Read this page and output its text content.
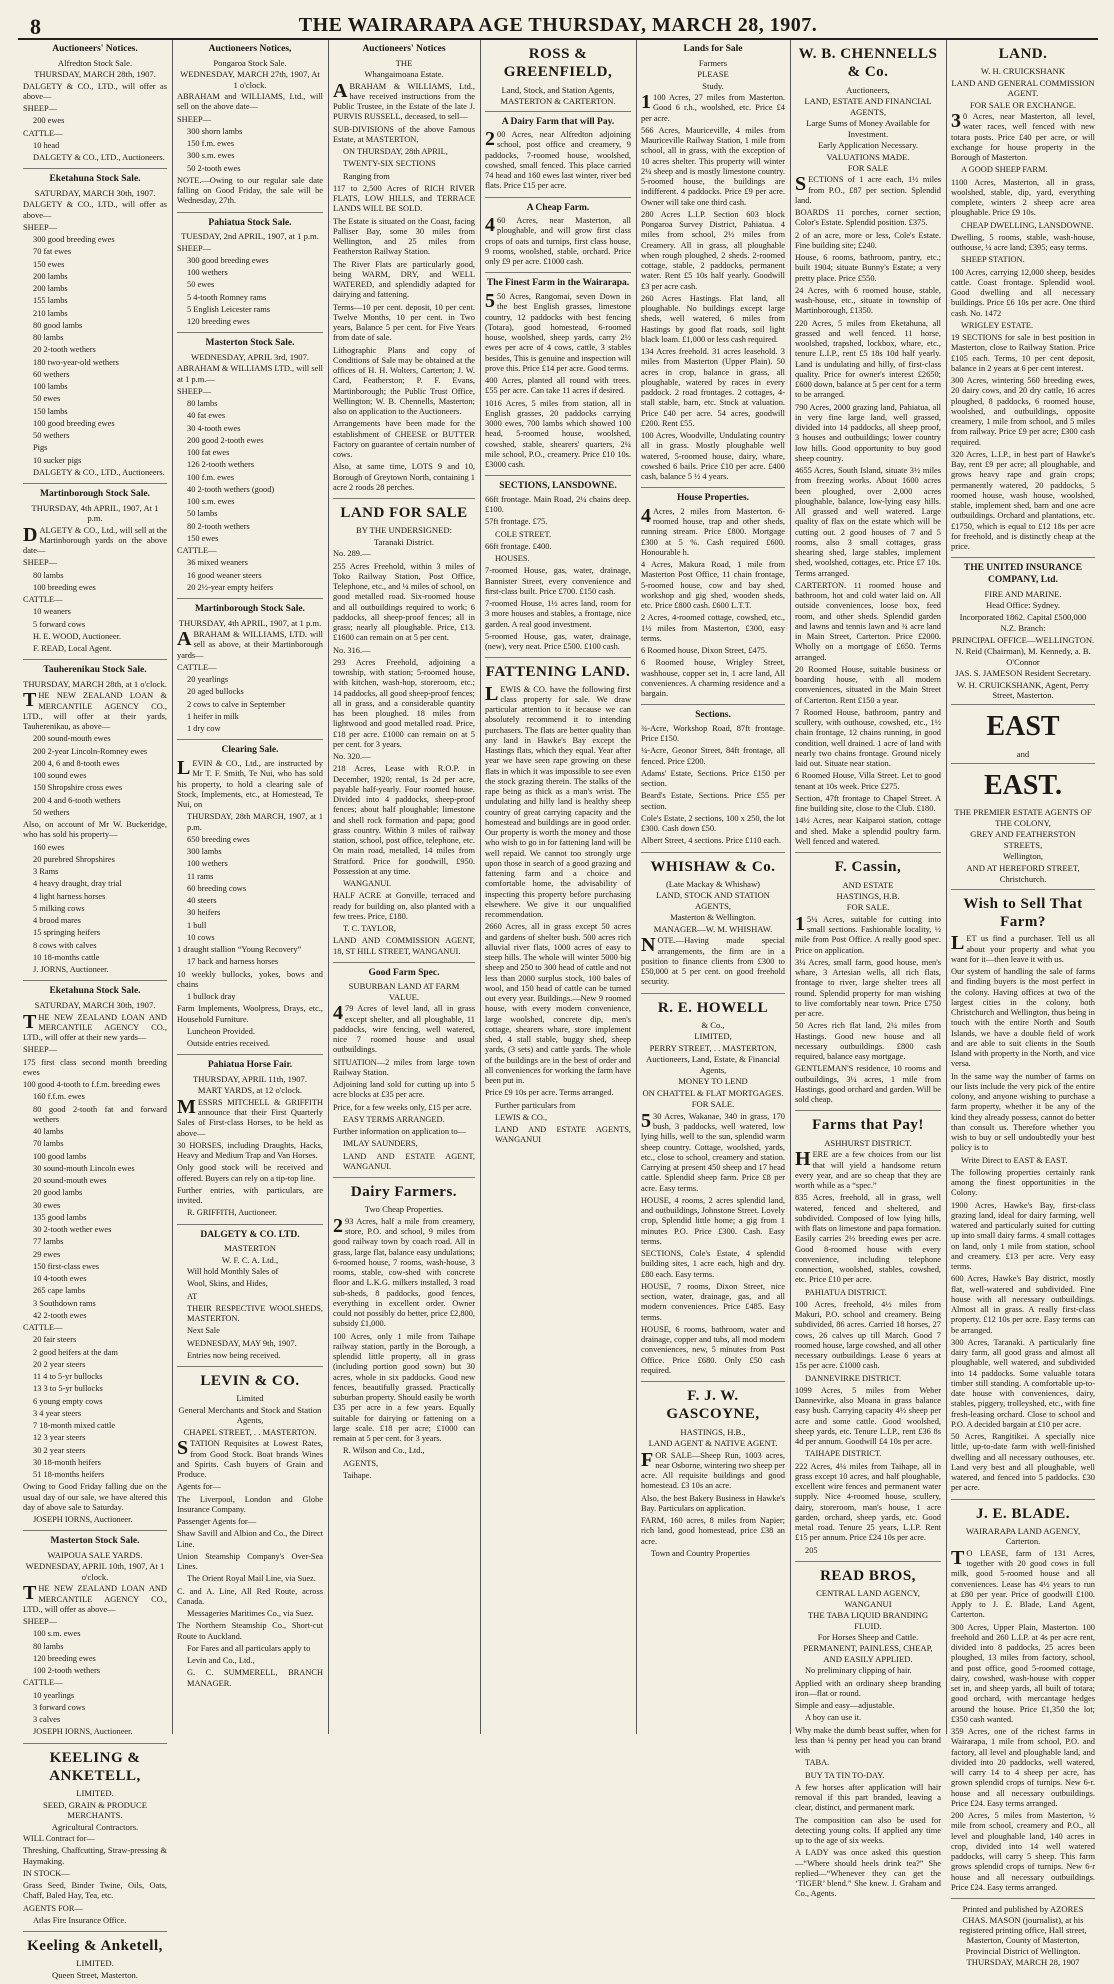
8	THE WAIRARAPA AGE THURSDAY, MARCH 28, 1907.
Auctioneers' Notices.
Alfredton Stock Sale.
THURSDAY, MARCH 28th, 1907.
DALGETY & CO., LTD., will offer as above—
SHEEP—
200 ewes
CATTLE—
10 head
DALGETY & CO., LTD., Auctioneers.
Eketahuna Stock Sale.
SATURDAY, MARCH 30th, 1907.
DALGETY & CO., LTD., will offer as above—
SHEEP—
300 good breeding ewes
70 fat ewes
150 ewes
200 lambs
200 lambs
155 lambs
210 lambs
80 good lambs
80 lambs
20 2-tooth wethers
180 two-year-old wethers
60 wethers
100 lambs
50 ewes
150 lambs
100 good breeding ewes
50 wethers
Pigs
10 sucker pigs
DALGETY & CO., LTD., Auctioneers.
Martinborough Stock Sale.
THURSDAY, 4th APRIL, 1907, At 1 p.m.
DALGETY & CO., Ltd., will sell at the Martinborough yards on the above date—
SHEEP—
80 lambs
100 breeding ewes
CATTLE—
10 weaners
5 forward cows
H. E. WOOD, Auctioneer.
F. READ, Local Agent.
Tauherenikau Stock Sale.
THURSDAY, MARCH 28th, at 1 o'clock.
THE NEW ZEALAND LOAN & MERCANTILE AGENCY CO., LTD., will offer at their yards, Tauherenikau, as above—
200 sound-mouth ewes
200 2-year Lincoln-Romney ewes
200 4, 6 and 8-tooth ewes
100 sound ewes
150 Shropshire cross ewes
200 4 and 6-tooth wethers
50 wethers
Also, on account of Mr W. Buckeridge, who has sold his property—
160 ewes
20 purebred Shropshires
3 Rams
4 heavy draught, dray trial
4 light harness horses
5 milking cows
4 brood mares
15 springing heifers
8 cows with calves
10 18-months cattle
J. JORNS, Auctioneer.
Eketahuna Stock Sale.
SATURDAY, MARCH 30th, 1907.
THE NEW ZEALAND LOAN AND MERCANTILE AGENCY CO., LTD., will offer at their new yards—
SHEEP—
175 first class second month breeding ewes
100 good 4-tooth to f.f.m. breeding ewes
160 f.f.m. ewes
80 good 2-tooth fat and forward wethers
40 lambs
70 lambs
100 good lambs
30 sound-mouth Lincoln ewes
20 sound-mouth ewes
20 good lambs
30 ewes
135 good lambs
30 2-tooth wether ewes
77 lambs
29 ewes
150 first-class ewes
10 4-tooth ewes
265 cape lambs
3 Southdown rams
42 2-tooth ewes
CATTLE—
20 fair steers
2 good heifers at the dam
20 2 year steers
11 4 to 5-yr bullocks
13 3 to 5-yr bullocks
6 young empty cows
3 4 year steers
7 18-month mixed cattle
12 3 year steers
30 2 year steers
30 18-month heifers
51 18-months heifers
Owing to Good Friday falling due on the usual day of our sale, we have altered this day of above sale to Saturday.
JOSEPH IORNS, Auctioneer.
Masterton Stock Sale.
WAIPOUA SALE YARDS.
WEDNESDAY, APRIL 10th, 1907, At 1 o'clock.
THE NEW ZEALAND LOAN AND MERCANTILE AGENCY CO., LTD., will offer as above—
SHEEP—
100 s.m. ewes
80 lambs
120 breeding ewes
100 2-tooth wethers
CATTLE—
10 yearlings
3 forward cows
3 calves
JOSEPH IORNS, Auctioneer.
KEELING & ANKETELL,
LIMITED.
SEED, GRAIN & PRODUCE MERCHANTS.
Agricultural Contractors.
WILL Contract for—
Threshing, Chaffcutting, Straw-pressing & Haymaking.
IN STOCK—
Grass Seed, Binder Twine, Oils, Oats, Chaff, Baled Hay, Tea, etc.
AGENTS FOR—
Atlas Fire Insurance Office.
Keeling & Anketell,
LIMITED.
Queen Street, Masterton.
Auctioneers Notices,
Pongaroa Stock Sale.
WEDNESDAY, MARCH 27th, 1907, At 1 o'clock.
ABRAHAM and WILLIAMS, Ltd., will sell on the above date—
SHEEP—
300 shorn lambs
150 f.m. ewes
300 s.m. ewes
50 2-tooth ewes
NOTE.—Owing to our regular sale date falling on Good Friday, the sale will be Wednesday, 27th.
Pahiatua Stock Sale.
TUESDAY, 2nd APRIL, 1907, at 1 p.m.
SHEEP—
300 good breeding ewes
100 wethers
50 ewes
5 4-tooth Romney rams
5 English Leicester rams
120 breeding ewes
Masterton Stock Sale.
WEDNESDAY, APRIL 3rd, 1907.
ABRAHAM & WILLIAMS LTD., will sell at 1 p.m.—
SHEEP—
80 lambs
40 fat ewes
30 4-tooth ewes
200 good 2-tooth ewes
100 fat ewes
126 2-tooth wethers
100 f.m. ewes
40 2-tooth wethers (good)
100 s.m. ewes
50 lambs
80 2-tooth wethers
150 ewes
CATTLE—
36 mixed weaners
16 good weaner steers
20 2½-year empty heifers
Martinborough Stock Sale.
THURSDAY, 4th APRIL, 1907, at 1 p.m.
ABRAHAM & WILLIAMS, LTD. will sell as above, at their Martinborough yards—
CATTLE—
20 yearlings
20 aged bullocks
2 cows to calve in September
1 heifer in milk
1 dry cow
Clearing Sale.
LEVIN & CO., Ltd., are instructed by Mr T. F. Smith, Te Nui, who has sold his property, to hold a clearing sale of Stock, Implements, etc., at Homestead, Te Nui, on
THURSDAY, 28th MARCH, 1907, at 1 p.m.
650 breeding ewes
300 lambs
100 wethers
11 rams
60 breeding cows
40 steers
30 heifers
1 bull
10 cows
1 draught stallion “Young Recovery”
17 back and harness horses
10 weekly bullocks, yokes, bows and chains
1 bullock dray
Farm Implements, Woolpress, Drays, etc., Household Furniture.
Luncheon Provided.
Outside entries received.
Pahiatua Horse Fair.
THURSDAY, APRIL 11th, 1907.
MART YARDS, at 12 o'clock.
MESSRS MITCHELL & GRIFFITH announce that their First Quarterly Sales of First-class Horses, to be held as above—
30 HORSES, including Draughts, Hacks, Heavy and Medium Trap and Van Horses.
Only good stock will be received and offered. Buyers can rely on a tip-top line.
Further entries, with particulars, are invited.
R. GRIFFITH, Auctioneer.
DALGETY & CO. LTD.
MASTERTON
W. F. C. A. Ltd.,
Will hold Monthly Sales of
Wool, Skins, and Hides,
AT
THEIR RESPECTIVE WOOLSHEDS, MASTERTON.
Next Sale
WEDNESDAY, MAY 9th, 1907.
Entries now being received.
LEVIN & CO.
Limited
General Merchants and Stock and Station Agents,
CHAPEL STREET, . . MASTERTON.
STATION Requisites at Lowest Rates, from Good Stock. Boat brands Wines and Spirits. Cash buyers of Grain and Produce.
Agents for—
The Liverpool, London and Globe Insurance Company.
Passenger Agents for—
Shaw Savill and Albion and Co., the Direct Line.
Union Steamship Company's Over-Sea Lines.
The Orient Royal Mail Line, via Suez.
C. and A. Line, All Red Route, across Canada.
Messageries Maritimes Co., via Suez.
The Northern Steamship Co., Short-cut Route to Auckland.
For Fares and all particulars apply to
Levin and Co., Ltd.,
G. C. SUMMERELL, BRANCH MANAGER.
Auctioneers' Notices
THE
Whangaimoana Estate.
ABRAHAM & WILLIAMS, Ltd., have received instructions from the Public Trustee, in the Estate of the late J. PURVIS RUSSELL, deceased, to sell—
SUB-DIVISIONS of the above Famous Estate, at MASTERTON,
ON THURSDAY, 28th APRIL,
TWENTY-SIX SECTIONS
Ranging from
117 to 2,500 Acres of RICH RIVER FLATS, LOW HILLS, and TERRACE LANDS WILL BE SOLD.
The Estate is situated on the Coast, facing Palliser Bay, some 30 miles from Wellington, and 25 miles from Featherston Railway Station.
The River Flats are particularly good, being WARM, DRY, and WELL WATERED, and splendidly adapted for dairying and fattening.
Terms—10 per cent. deposit, 10 per cent. Twelve Months, 10 per cent. in Two years, Balance 5 per cent. for Five Years from date of sale.
Lithographic Plans and copy of Conditions of Sale may be obtained at the offices of H. H. Wolters, Carterton; J. W. Card, Featherston; P. F. Evans, Martinborough; the Public Trust Office, Wellington; W. B. Chennells, Masterton; also on application to the Auctioneers.
Arrangements have been made for the establishment of CHEESE or BUTTER Factory on guarantee of certain number of cows.
Also, at same time, LOTS 9 and 10, Borough of Greytown North, containing 1 acre 2 roods 28 perches.
LAND FOR SALE
BY THE UNDERSIGNED:
Taranaki District.
No. 289.—
255 Acres Freehold, within 3 miles of Toko Railway Station, Post Office, Telephone, etc., and ¼ miles of school, on good metalled road. Six-roomed house and all outbuildings required to work; 6 paddocks, all sheep-proof fences; all in grass; nearly all ploughable. Price, £13. £1600 can remain on at 5 per cent.
No. 316.—
293 Acres Freehold, adjoining a township, with station; 5-roomed house, with kitchen, wash-hop, storeroom, etc.; 14 paddocks, all good sheep-proof fences; all in grass, and a considerable quantity has been ploughed. 18 miles from lightwood and good metalled road. Price, £18 per acre. £1000 can remain on at 5 per cent. for 3 years.
No. 320.—
218 Acres, Lease with R.O.P. in December, 1920; rental, 1s 2d per acre, payable half-yearly. Four roomed house. Divided into 4 paddocks, sheep-proof fences; about half ploughable; limestone and shell rock formation and papa; good grass country. Within 3 miles of railway station, school, post office, telephone, etc. On main road, metalled, 14 miles from Stratford. Price for goodwill, £950. Possession at any time.
WANGANUI.
HALF ACRE at Gonville, terraced and ready for building on, also planted with a few trees. Price, £180.
T. C. TAYLOR,
LAND AND COMMISSION AGENT, 18, ST HILL STREET, WANGANUI.
Good Farm Spec.
SUBURBAN LAND AT FARM VALUE.
479 Acres of level land, all in grass except shelter, and all ploughable, 11 paddocks, wire fencing, well watered, nice 7 roomed house and usual outbuildings.
SITUATION—2 miles from large town Railway Station.
Adjoining land sold for cutting up into 5 acre blocks at £35 per acre.
Price, for a few weeks only, £15 per acre.
EASY TERMS ARRANGED.
Further information on application to—
IMLAY SAUNDERS,
LAND AND ESTATE AGENT, WANGANUI.
Dairy Farmers.
Two Cheap Properties.
293 Acres, half a mile from creamery, store, P.O. and school, 9 miles from good railway town by coach road. All in grass, large flat, balance easy undulations; 6-roomed house, 7 rooms, wash-house, 3 rooms, stable, cow-shed with concrete floor and L.K.G. milkers installed, 3 road sub-sheds, 8 paddocks, good fences, everything in excellent order. Owner could not possibly do better, price £2,800, subsidy £1,000.
100 Acres, only 1 mile from Taihape railway station, partly in the Borough, a splendid little property, all in grass (including portion good sown) but 30 acres, whole in six paddocks. Good new fences, beautifully grassed. Practically suburban property. Should easily be worth £35 per acre in a few years. Equally suitable for dairying or fattening on a large scale. £18 per acre; £1000 can remain at 5 per cent. for 3 years.
R. Wilson and Co., Ltd.,
AGENTS,
Taihape.
ROSS & GREENFIELD,
Land, Stock, and Station Agents,
MASTERTON & CARTERTON.
A Dairy Farm that will Pay.
200 Acres, near Alfredton adjoining school, post office and creamery, 9 paddocks, 7-roomed house, woolshed, cowshed, small fenced. This place carried 74 head and 160 ewes last winter, river bed flats. Price £15 per acre.
A Cheap Farm.
460 Acres, near Masterton, all ploughable, and will grow first class crops of oats and turnips, first class house, 9 rooms, woolshed, stable, orchard. Price only £9 per acre. £1000 cash.
The Finest Farm in the Wairarapa.
550 Acres, Rangomai, seven Down in the best English grasses, limestone country, 12 paddocks with best fencing (Totara), good homestead, 6-roomed house, woolshed, sheep yards, carry 2½ ewes per acre of 4 cows, cattle, 3 stables besides, This is genuine and inspection will prove this. Price £14 per acre. Good terms.
400 Acres, planted all round with trees. £55 per acre. Can take 11 acres if desired.
1016 Acres, 5 miles from station, all in English grasses, 20 paddocks carrying 3000 ewes, 700 lambs which showed 100 head, 5-roomed house, woolshed, cowshed, stable, shearers' quarters, 2¼ mile school, P.O., creamery. Price £10 10s. £3000 cash.
SECTIONS, LANSDOWNE.
66ft frontage. Main Road, 2¼ chains deep. £100.
57ft frontage. £75.
COLE STREET.
66ft frontage. £400.
HOUSES.
7-roomed House, gas, water, drainage, Bannister Street, every convenience and first-class built. Price £700. £150 cash.
7-roomed House, 1½ acres land, room for 3 more houses and stables, a frontage, nice garden. A real good investment.
5-roomed House, gas, water, drainage, (new), very neat. Price £500. £100 cash.
FATTENING LAND.
LEWIS & CO. have the following first class property for sale. We draw particular attention to it because we can absolutely recommend it to intending purchasers. The flats are better quality than any land in Hawke's Bay except the Hastings flats, which they equal. Year after year we have seen rape growing on these flats in which it was impossible to see even the stock grazing therein. The stalks of the rape being as thick as a man's wrist. The undulating and hilly land is healthy sheep country of great carrying capacity and the homestead and buildings are in good order. Our property is worth the money and those who wish to go in for fattening land will be well repaid. We cannot too strongly urge upon those in search of a good grazing and fattening farm and a choice and comfortable home, the advisability of inspecting this property before purchasing elsewhere. We give it our unqualified recommendation.
2660 Acres, all in grass except 50 acres and gardens of shelter bush. 500 acres rich alluvial river flats, 1000 acres of easy to steep hills. The whole will winter 5000 big sheep and 250 to 300 head of cattle and not less than 2000 surplus stock, 100 bales of wool, and 150 head of cattle can be turned out every year. Buildings.—New 9 roomed house, with every modern convenience, large woolshed, concrete dip, men's cottage, shearers whare, store implement shed, 4 stall stable, buggy shed, sheep yards, (3 sets) and cattle yards. The whole of the buildings are in the best of order and all conveniences for working the farm have been put in.
Price £9 10s per acre. Terms arranged.
Further particulars from
LEWIS & CO.,
LAND AND ESTATE AGENTS, WANGANUI
Lands for Sale
Farmers
PLEASE
Study.
1100 Acres, 27 miles from Masterton. Good 6 r.h., woolshed, etc. Price £4 per acre.
566 Acres, Mauriceville, 4 miles from Mauriceville Railway Station, 1 mile from school, all in grass, with the exception of 10 acres shelter. This property will winter 2¼ sheep and is mostly limestone country. 5-roomed house, the buildings are indifferent. 4 paddocks. Price £9 per acre. Owner will take one third cash.
280 Acres L.I.P. Section 603 block Pongaroa Survey District, Pahiatua. 4 miles from school, 2½ miles from Creamery. All in grass, all ploughable when rough ploughed, 2 sheds. 2-roomed cottage, stable, 2 paddocks, permanent water. Rent £5 10s half yearly. Goodwill £3 per acre cash.
260 Acres Hastings. Flat land, all ploughable. No buildings except large sheds, well watered, 6 miles from Hastings by good flat roads, soil light black loam. £1,000 or less cash required.
134 Acres freehold. 31 acres leasehold. 3 miles from Masterton (Upper Plain). 50 acres in crop, balance in grass, all ploughable, watered by races in every paddock. 2 road frontages. 2 cottages, 4-stall stable, barn, etc. Stock at valuation. Price £40 per acre. 54 acres, goodwill £200. Rent £55.
100 Acres, Woodville, Undulating country all in grass. Mostly ploughable well watered, 5-roomed house, dairy, whare, cowshed 6 bails. Price £10 per acre. £400 cash, balance 5 ½ 4 years.
House Properties.
4Acres, 2 miles from Masterton. 6-roomed house, trap and other sheds, running stream. Price £800. Mortgage £300 at 5 %. Cash required £600. Honourable h.
4 Acres, Makura Road, 1 mile from Masterton Post Office, 11 chain frontage, 5-roomed house, cow and bay shed, workshop and gig shed, wooden sheds, etc. Price £800 cash. £600 L.T.T.
2 Acres, 4-roomed cottage, cowshed, etc., 1½ miles from Masterton, £300, easy terms.
6 Roomed house, Dixon Street, £475.
6 Roomed house, Wrigley Street, washhouse, copper set in, 1 acre land, All conveniences. A charming residence and a bargain.
Sections.
¾-Acre, Workshop Road, 87ft frontage. Price £150.
¼-Acre, Geonor Street, 84ft frontage, all fenced. Price £200.
Adams' Estate, Sections. Price £150 per section.
Beard's Estate, Sections. Price £55 per section.
Cole's Estate, 2 sections, 100 x 250, the lot £300. Cash down £50.
Albert Street, 4 sections. Price £110 each.
WHISHAW & Co.
(Late Mackay & Whishaw)
LAND, STOCK AND STATION AGENTS,
Masterton & Wellington.
MANAGER—W. M. WHISHAW.
NOTE.—Having made special arrangements, the firm are in a position to finance clients from £300 to £50,000 at 5 per cent. on good freehold security.
R. E. HOWELL
& Co.,
LIMITED,
PERRY STREET, . . MASTERTON,
Auctioneers, Land, Estate, & Financial Agents,
MONEY TO LEND
ON CHATTEL & FLAT MORTGAGES.
FOR SALE.
530 Acres, Wakanae, 340 in grass, 170 bush, 3 paddocks, well watered, low lying hills, well to the sun, splendid warm sheep country. Cottage, woolshed, yards, etc., close to school, creamery and station. Carrying at present 450 sheep and 17 head cattle. Splendid sheep farm. Price £8 per acre. Easy terms.
HOUSE, 4 rooms, 2 acres splendid land, and outbuildings, Johnstone Street. Lovely crop, Splendid little home; a gig from 1 minutes P.O. Price £300. Cash. Easy terms.
SECTIONS, Cole's Estate, 4 splendid building sites, 1 acre each, high and dry. £80 each. Easy terms.
HOUSE, 7 rooms, Dixon Street, nice section, water, drainage, gas, and all modern conveniences. Price £485. Easy terms.
HOUSE, 6 rooms, bathroom, water and drainage, copper and tubs, all mod modern conveniences, new, 5 minutes from Post Office. Price £680. Only £50 cash required.
F. J. W. GASCOYNE,
HASTINGS, H.B.,
LAND AGENT & NATIVE AGENT.
FOR SALE—Sheep Run, 1003 acres, near Osborne, wintering two sheep per acre. All requisite buildings and good homestead. £3 10s an acre.
Also, the best Bakery Business in Hawke's Bay. Particulars on application.
FARM, 160 acres, 8 miles from Napier; rich land, good homestead, price £38 an acre.
Town and Country Properties
W. B. CHENNELLS & Co.
Auctioneers,
LAND, ESTATE AND FINANCIAL AGENTS,
Large Sums of Money Available for Investment.
Early Application Necessary.
VALUATIONS MADE.
FOR SALE
SECTIONS of 1 acre each, 1½ miles from P.O., £87 per section. Splendid land.
BOARDS 11 porches, corner section, Color's Estate. Splendid position. £375.
2 of an acre, more or less, Cole's Estate. Fine building site; £240.
House, 6 rooms, bathroom, pantry, etc.; built 1904; situate Bunny's Estate; a very pretty place. Price £550.
24 Acres, with 6 roomed house, stable, wash-house, etc., situate in township of Martinborough, £1350.
220 Acres, 5 miles from Eketahuna, all grassed and well fenced. 11 horse, woolshed, trapshed, lockbox, whare, etc., tenure L.I.P., rent £5 18s 10d half yearly. Land is undulating and hilly, of first-class quality. Price for owner's interest £2650; £600 down, balance at 5 per cent for a term to be arranged.
790 Acres, 2000 grazing land, Pahiatua, all in very fine large land, well grassed, divided into 14 paddocks, all sheep proof, 3 houses and outbuildings; lower country low hills. Good opportunity to buy good sheep country.
4655 Acres, South Island, situate 3½ miles from freezing works. About 1600 acres been ploughed, over 2,000 acres ploughable, balance, low-lying easy hills. All grassed and well watered. Large quality of flax on the estate which will be cutting out. 2 good houses of 7 and 5 rooms, also 3 small cottages, grass shearing shed, large stables, implement shed, woolshed, cottages, etc. Price £7 10s. Terms arranged.
CARTERTON. 11 roomed house and bathroom, hot and cold water laid on. All outside conveniences, loose box, feed room, and other sheds. Splendid garden and lawns and tennis lawn and ¾ acre land in Main Street, Carterton. Price £2000. Wholly on a mortgage of £650. Terms arranged.
20 Roomed House, suitable business or boarding house, with all modern conveniences, situated in the Main Street of Carterton. Rent £150 a year.
7 Roomed House, bathroom, pantry and scullery, with outhouse, cowshed, etc., 1½ chain frontage, 12 chains running, in good condition, well drained. 1 acre of land with nearly two chains frontage. Ground nicely laid out. Situate near station.
6 Roomed House, Villa Street. Let to good tenant at 10s week. Price £275.
Section, 47ft frontage to Chapel Street. A fine building site, close to the Club. £180.
14½ Acres, near Kaiparoi station, cottage and shed. Make a splendid poultry farm. Well fenced and watered.
F. Cassin,
AND ESTATE
HASTINGS, H.B.
FOR SALE.
15¼ Acres, suitable for cutting into small sections. Fashionable locality, ½ mile from Post Office. A really good spec. Price on application.
3¼ Acres, small farm, good house, men's whare, 3 Artesian wells, all rich flats, frontage to river, large shelter trees all round. Splendid property for man wishing to live comfortably near town. Price £750 per acre.
50 Acres rich flat land, 2¼ miles from Hastings. Good new house and all necessary outbuildings. £800 cash required, balance easy mortgage.
GENTLEMAN'S residence, 10 rooms and outbuildings, 3¼ acres, 1 mile from Hastings, good orchard and garden. Will be sold cheap.
Farms that Pay!
ASHHURST DISTRICT.
HERE are a few choices from our list that will yield a handsome return every year, and are so cheap that they are worth while as a “spec.”
835 Acres, freehold, all in grass, well watered, fenced and sheltered, and subdivided. Composed of low lying hills, with flats on limestone and papa formation. Easily carries 2½ breeding ewes per acre. Good 8-roomed house with every convenience, including telephone connection, woolshed, stables, cowshed, etc. Price £10 per acre.
PAHIATUA DISTRICT.
100 Acres, freehold, 4½ miles from Makuri, P.O. school and creamery. Being subdivided, 86 acres. Carried 18 horses, 27 cows, 26 calves up till March. Good 7 roomed house, large cowshed, and all other necessary outbuildings. Lease 6 years at 15s per acre. £1000 cash.
DANNEVIRKE DISTRICT.
1099 Acres, 5 miles from Weber Dannevirke, also Moana in grass balance easy bush. Carrying capacity 4½ sheep per acre and some cattle. Good woolshed, sheep yards, etc. Tenure L.I.P., rent £36 8s 4d per annum. Goodwill £4 10s per acre.
TAIHAPE DISTRICT.
222 Acres, 4¼ miles from Taihape, all in grass except 10 acres, and half ploughable, excellent wire fences and permanent water supply. Nice 4-roomed house, scullery, dairy, storeroom, man's house, 1 acre garden, orchard, sheep yards, etc. Good metal road. Tenure 25 years, L.I.P. Rent £15 per annum. Price £24 10s per acre.
205
READ BROS,
CENTRAL LAND AGENCY, WANGANUI
THE TABA LIQUID BRANDING FLUID.
For Horses Sheep and Cattle.
PERMANENT, PAINLESS, CHEAP, AND EASILY APPLIED.
No preliminary clipping of hair.
Applied with an ordinary sheep branding iron—flat or round.
Simple and easy—adjustable.
A boy can use it.
Why make the dumb beast suffer, when for less than ¼ penny per head you can brand with
TABA.
BUY TA TIN TO-DAY.
A few horses after application will hair removal if this part branded, leaving a clear, distinct, and permanent mark.
The composition can also be used for detecting young colts. If applied any time up to the age of six weeks.
A LADY was once asked this question—“Where should heels drink tea?” She replied—“Whenever they can get the ‘TIGER’ blend.” She knew. J. Graham and Co., Agents.
LAND.
W. H. CRUICKSHANK
LAND AND GENERAL COMMISSION AGENT.
FOR SALE OR EXCHANGE.
30 Acres, near Masterton, all level, water races, well fenced with new totara posts. Price £40 per acre, or will exchange for house property in the Borough of Masterton.
A GOOD SHEEP FARM.
1100 Acres, Masterton, all in grass, woolshed, stable, dip, yard, everything complete, winters 2 sheep acre area ploughable. Price £9 10s.
CHEAP DWELLING, LANSDOWNE.
Dwelling, 5 rooms, stable, wash-house, outhouse, ¼ acre land; £395; easy terms.
SHEEP STATION.
100 Acres, carrying 12,000 sheep, besides cattle. Coast frontage. Splendid wool. Good dwelling and all necessary buildings. Price £6 10s per acre. One third cash. No. 1472
WRIGLEY ESTATE.
19 SECTIONS for sale in best position in Masterton, close to Railway Station. Price £105 each. Terms, 10 per cent deposit, balance in 2 years at 6 per cent interest.
300 Acres, wintering 560 breeding ewes, 20 dairy cows, and 20 dry cattle, 16 acres ploughed, 8 paddocks, 6 roomed house, woolshed, and outbuildings, opposite creamery, 1 mile from school, and 5 miles from railway. Price £9 per acre; £300 cash required.
320 Acres, L.I.P., in best part of Hawke's Bay, rent £9 per acre; all ploughable, and grows heavy rape and grain crops; permanently watered, 20 paddocks, 5 roomed house, wash house, woolshed, stable, implement shed, barn and one acre outbuildings. Orchard and plantations, etc. £1750, which is equal to £12 18s per acre for freehold, and is distinctly cheap at the price.
THE UNITED INSURANCE COMPANY, Ltd.
FIRE AND MARINE.
Head Office: Sydney.
Incorporated 1862. Capital £500,000
N.Z. Branch:
PRINCIPAL OFFICE—WELLINGTON.
N. Reid (Chairman), M. Kennedy, a. B. O'Connor
JAS. S. JAMESON Resident Secretary.
W. H. CRUICKSHANK, Agent, Perry Street, Masterton.
EAST
and
EAST.
THE PREMIER ESTATE AGENTS OF THE COLONY,
GREY AND FEATHERSTON STREETS,
Wellington,
AND AT HEREFORD STREET,
Christchurch.
Wish to Sell That Farm?
LET us find a purchaser. Tell us all about your property and what you want for it—then leave it with us.
Our system of handling the sale of farms and finding buyers is the most perfect in the colony. Having offices at two of the largest cities in the colony, both Christchurch and Wellington, thus being in touch with the entire North and South Islands, we have a double field of work and are able to suit clients in the South Island with property in the North, and vice versa.
In the same way the number of farms on our lists include the very pick of the entire colony, and anyone wishing to purchase a farm property, whether it be any of the kind they already possess, cannot do better than consult us. Therefore whether you wish to buy or sell undoubtedly your best policy is to
Write Direct to EAST & EAST.
The following properties certainly rank among the finest opportunities in the Colony.
1900 Acres, Hawke's Bay, first-class grazing land, ideal for dairy farming, well watered and particularly suited for cutting up into small dairy farms. 4 small cottages on land, only 1 mile from station, school and creamery. £13 per acre. Very easy terms.
600 Acres, Hawke's Bay district, mostly flat, well-watered and subdivided. Fine house with all necessary outbuildings. Almost all in grass. A really first-class property. £12 10s per acre. Easy terms can be arranged.
300 Acres, Taranaki. A particularly fine dairy farm, all good grass and almost all ploughable, well watered, and subdivided into 14 paddocks. Some valuable totara timber still standing. A comfortable up-to-date house with conveniences, dairy, stables, piggery, trolleyshed, etc., with fine fresh-leasing orchard. Close to school and P.O. A decided bargain at £10 per acre.
50 Acres, Rangitikei. A specially nice little, up-to-date farm with well-finished dwelling and all necessary outhouses, etc. Land very best and all ploughable, well watered, and fenced into 5 paddocks. £30 per acre.
J. E. BLADE.
WAIRARAPA LAND AGENCY, Carterton.
TO LEASE, farm of 131 Acres, together with 20 good cows in full milk, good 5-roomed house and all conveniences. Lease has 4½ years to run at £80 per year. Price of goodwill £100. Apply to J. E. Blade, Land Agent, Carterton.
300 Acres, Upper Plain, Masterton. 100 freehold and 260 L.I.P. at 4s per acre rent, divided into 8 paddocks, 25 acres been ploughed, 13 miles from factory, school, and post office, good 5-roomed cottage, dairy, cowshed, wash-house with copper set in, and sheep yards, all built of totara; good orchard, with mercantage hedges around the house. Price £1,350 the lot; £350 cash wanted.
359 Acres, one of the richest farms in Wairarapa, 1 mile from school, P.O. and factory, all level and ploughable land, and divided into 20 paddocks, well watered, will carry 14 to 4 sheep per acre, has grown splendid crops of turnips. New 6-r. house and all necessary outbuildings. Price £24. Easy terms arranged.
200 Acres, 5 miles from Masterton, ½ mile from school, creamery and P.O., all level and ploughable land, 140 acres in crop, divided into 14 well watered paddocks, will carry 5 sheep. This farm grows splendid crops of turnips. New 6-r house and all necessary outbuildings. Price £24. Easy terms arranged.
Printed and published by AZORES CHAS. MASON (journalist), at his registered printing office, Hall street, Masterton, County of Masterton, Provincial District of Wellington.
THURSDAY, MARCH 28, 1907
